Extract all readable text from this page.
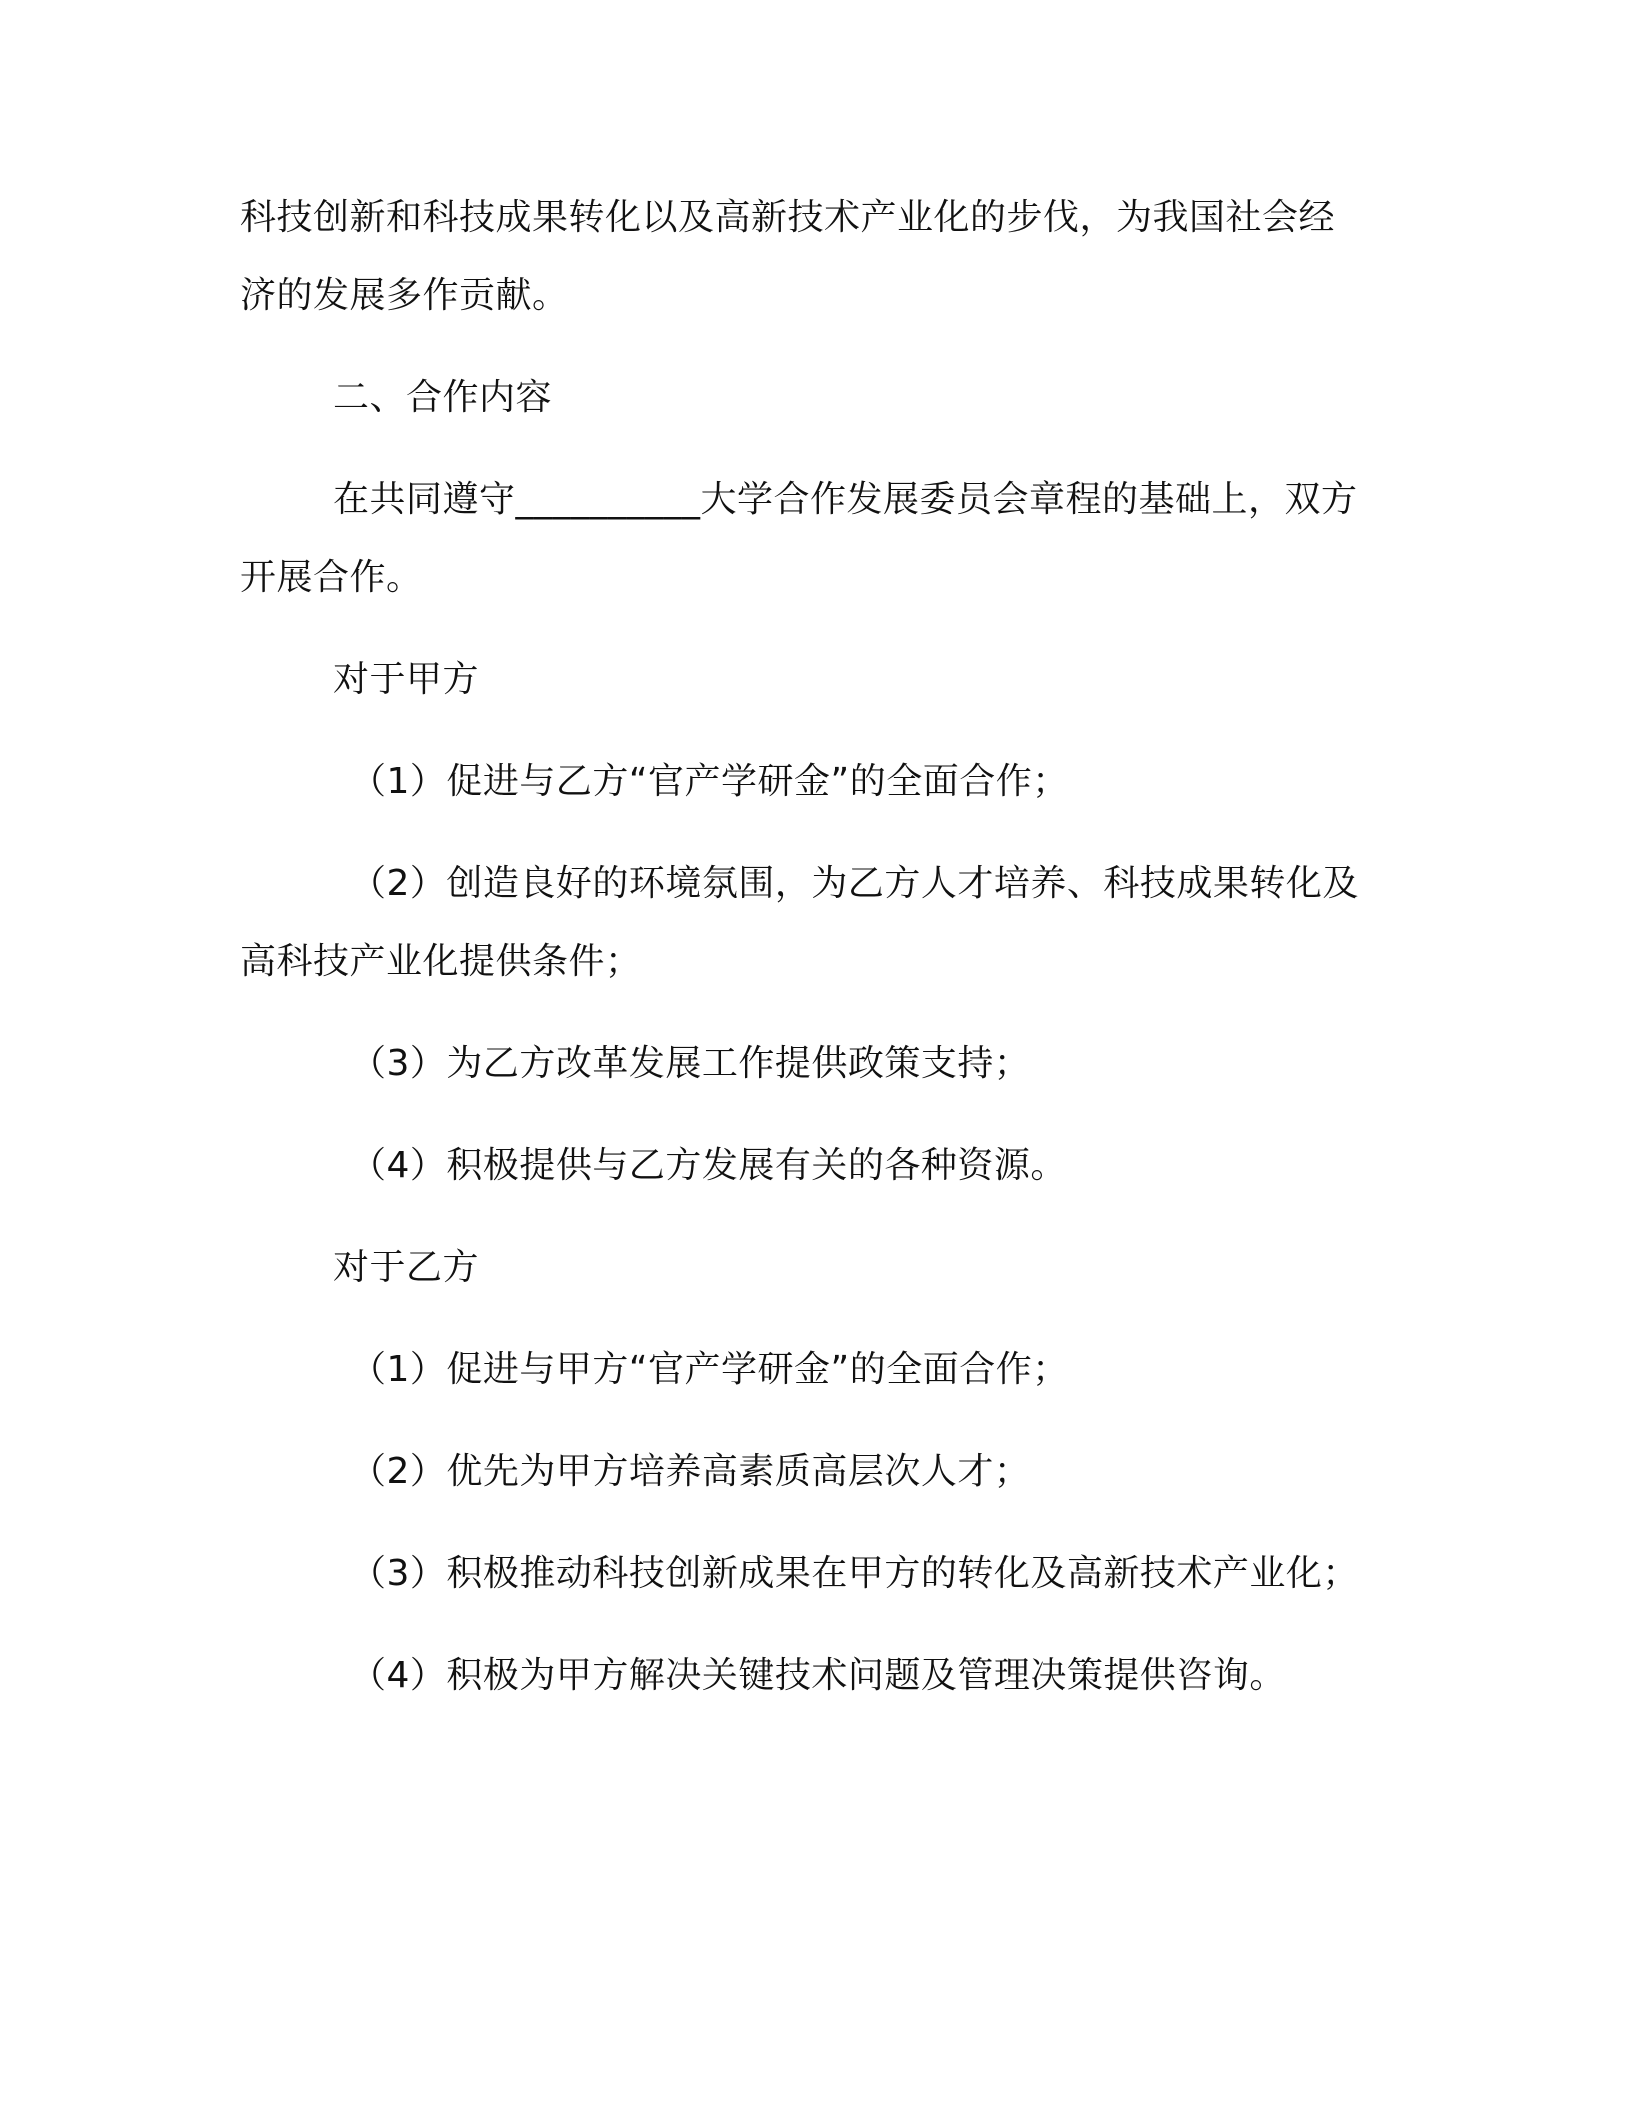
科技创新和科技成果转化以及高新技术产业化的步伐，为我国社会经
济的发展多作贡献。
二、合作内容
在共同遵守__________大学合作发展委员会章程的基础上，双方
开展合作。
对于甲方
（1）促进与乙方“官产学研金”的全面合作；
（2）创造良好的环境氛围，为乙方人才培养、科技成果转化及
高科技产业化提供条件；
（3）为乙方改革发展工作提供政策支持；
（4）积极提供与乙方发展有关的各种资源。
对于乙方
（1）促进与甲方“官产学研金”的全面合作；
（2）优先为甲方培养高素质高层次人才；
（3）积极推动科技创新成果在甲方的转化及高新技术产业化；
（4）积极为甲方解决关键技术问题及管理决策提供咨询。
